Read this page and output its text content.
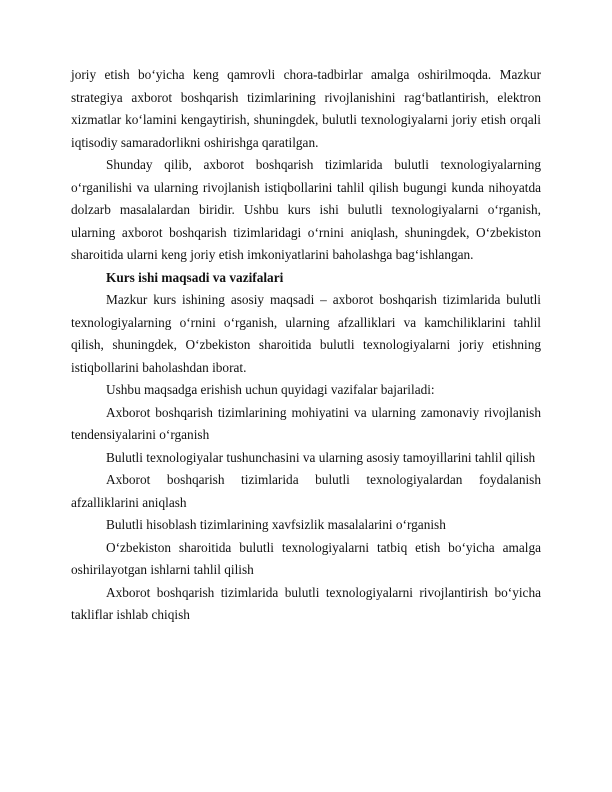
joriy etish bo‘yicha keng qamrovli chora-tadbirlar amalga oshirilmoqda. Mazkur strategiya axborot boshqarish tizimlarining rivojlanishini rag‘batlantirish, elektron xizmatlar ko‘lamini kengaytirish, shuningdek, bulutli texnologiyalarni joriy etish orqali iqtisodiy samaradorlikni oshirishga qaratilgan.

Shunday qilib, axborot boshqarish tizimlarida bulutli texnologiyalarning o‘rganilishi va ularning rivojlanish istiqbollarini tahlil qilish bugungi kunda nihoyatda dolzarb masalalardan biridir. Ushbu kurs ishi bulutli texnologiyalarni o‘rganish, ularning axborot boshqarish tizimlaridagi o‘rnini aniqlash, shuningdek, O‘zbekiston sharoitida ularni keng joriy etish imkoniyatlarini baholashga bag‘ishlangan.

Kurs ishi maqsadi va vazifalari

Mazkur kurs ishining asosiy maqsadi – axborot boshqarish tizimlarida bulutli texnologiyalarning o‘rnini o‘rganish, ularning afzalliklari va kamchiliklarini tahlil qilish, shuningdek, O‘zbekiston sharoitida bulutli texnologiyalarni joriy etishning istiqbollarini baholashdan iborat.

Ushbu maqsadga erishish uchun quyidagi vazifalar bajariladi:

Axborot boshqarish tizimlarining mohiyatini va ularning zamonaviy rivojlanish tendensiyalarini o‘rganish

Bulutli texnologiyalar tushunchasini va ularning asosiy tamoyillarini tahlil qilish

Axborot boshqarish tizimlarida bulutli texnologiyalardan foydalanish afzalliklarini aniqlash

Bulutli hisoblash tizimlarining xavfsizlik masalalarini o‘rganish

O‘zbekiston sharoitida bulutli texnologiyalarni tatbiq etish bo‘yicha amalga oshirilayotgan ishlarni tahlil qilish

Axborot boshqarish tizimlarida bulutli texnologiyalarni rivojlantirish bo‘yicha takliflar ishlab chiqish
